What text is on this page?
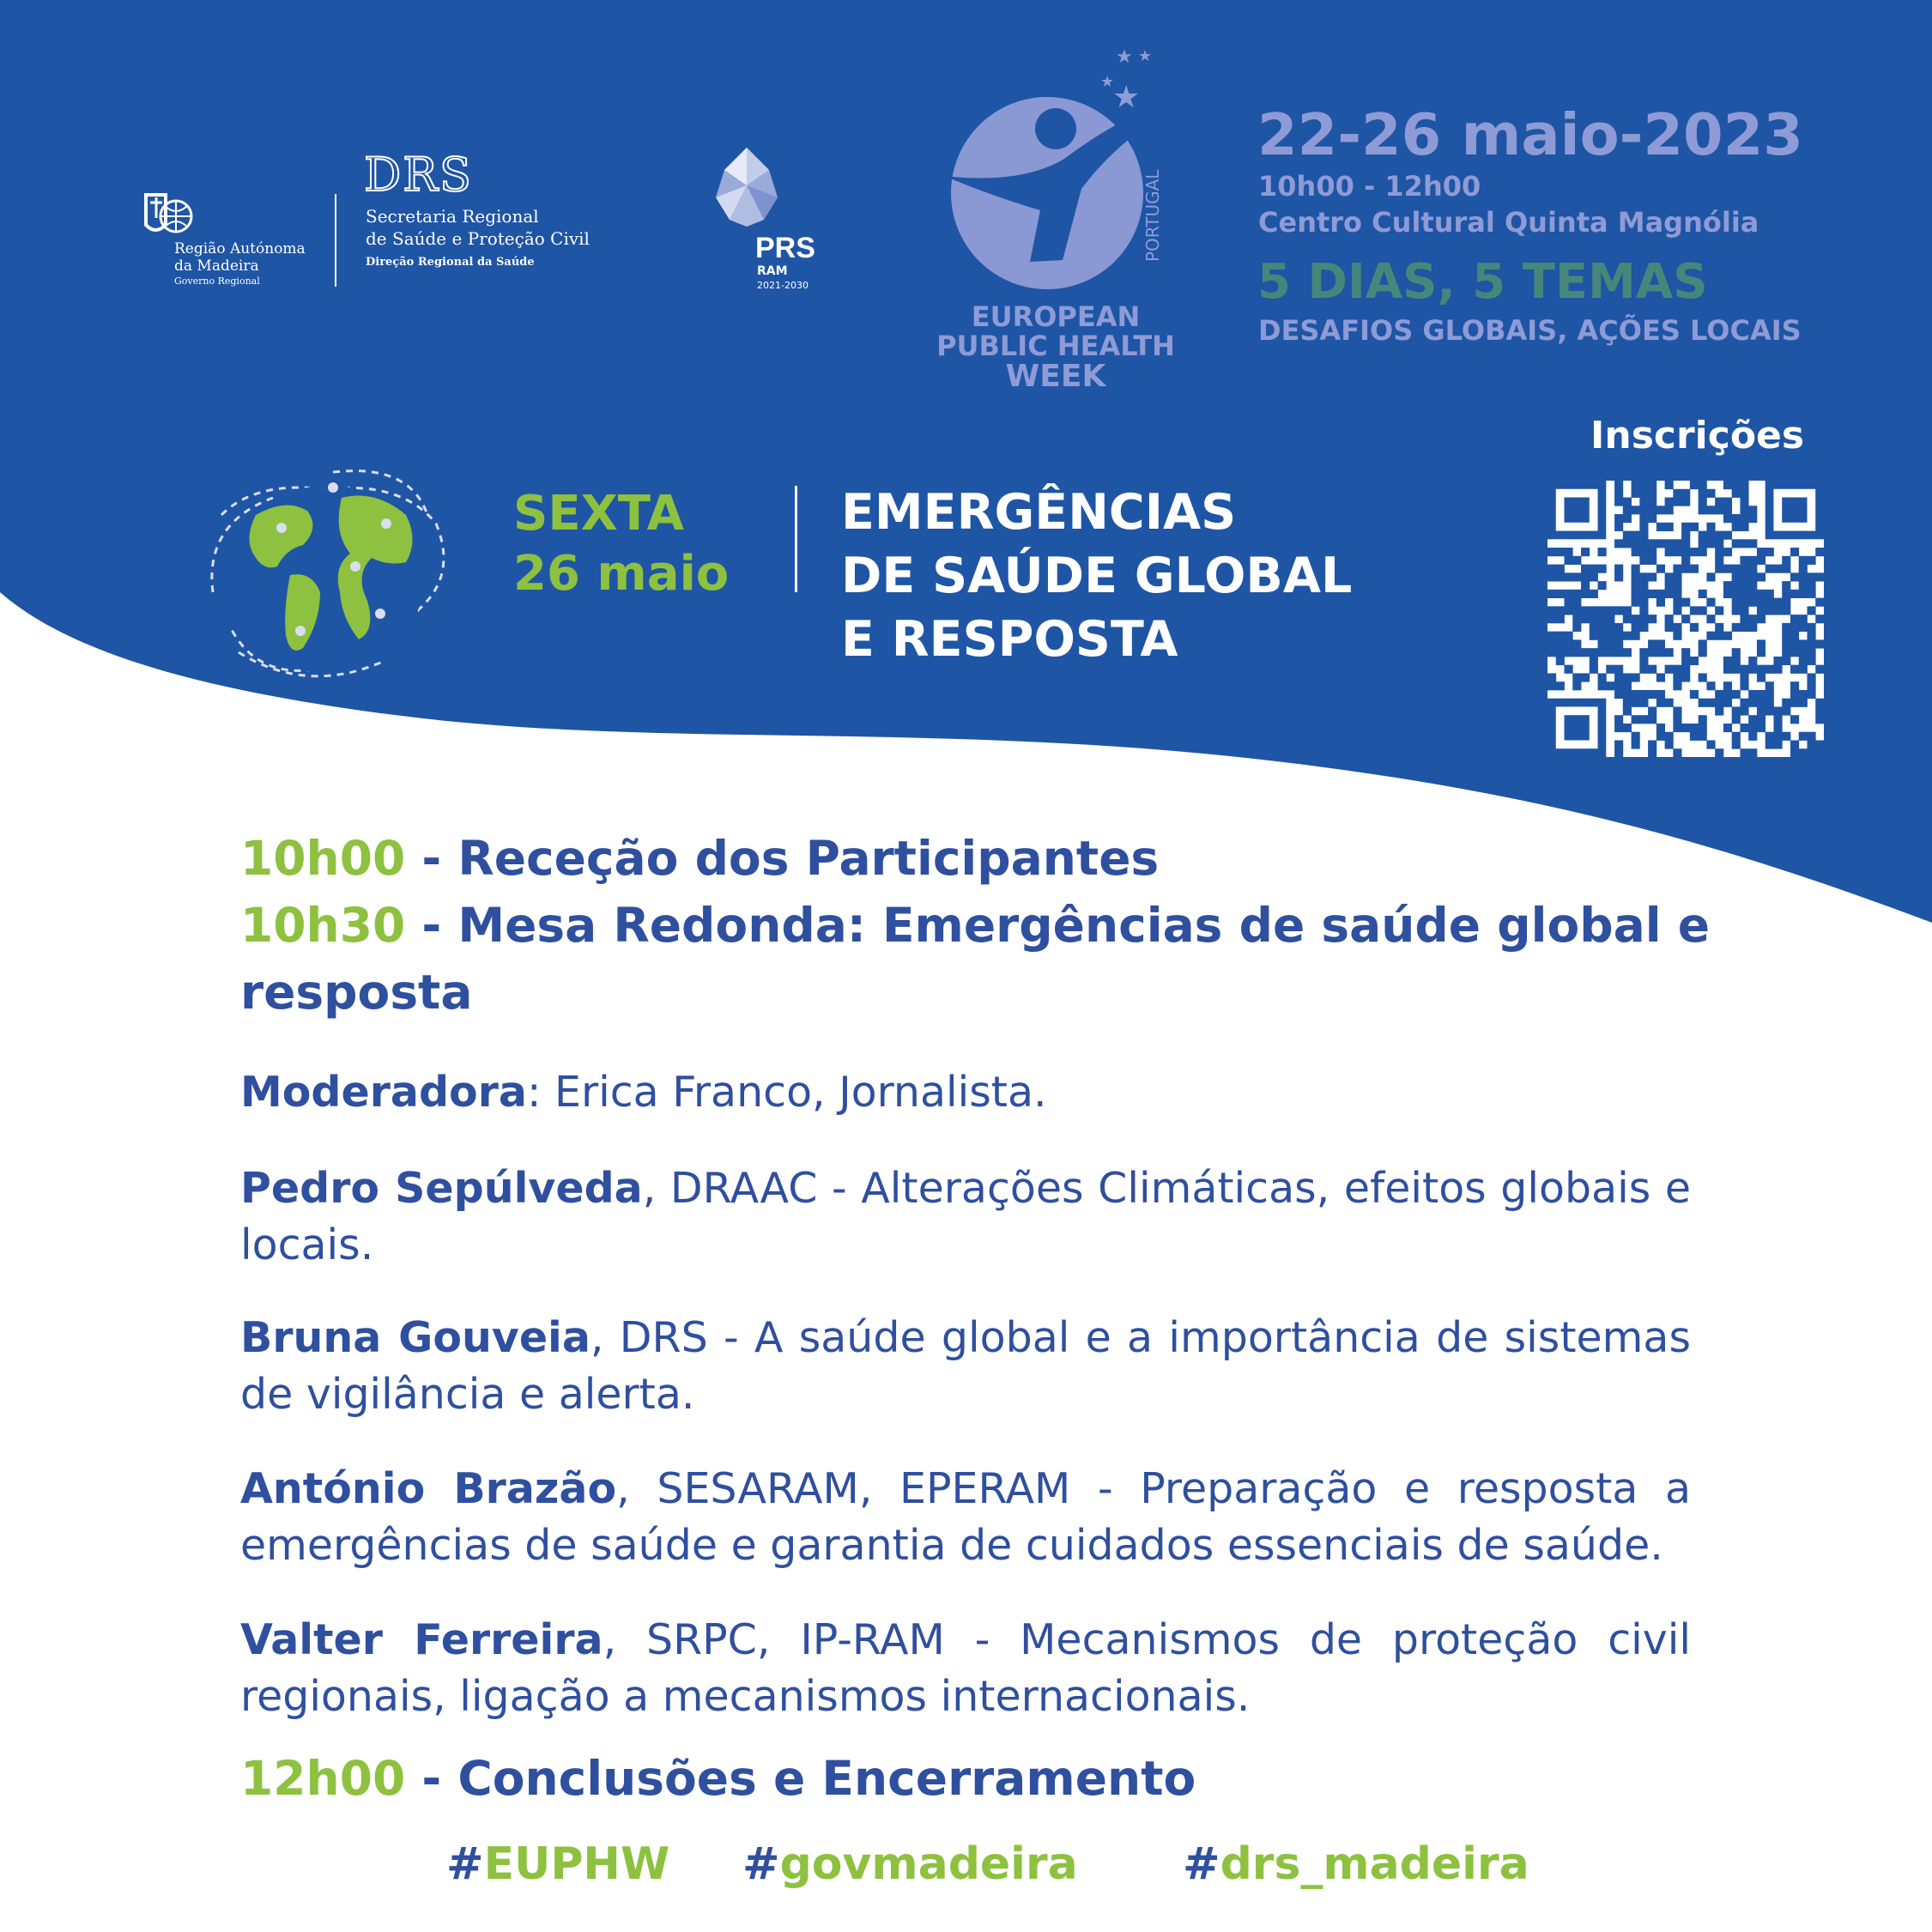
Região Autónoma
da Madeira
Governo Regional
DRS
Secretaria Regional
de Saúde e Proteção Civil
Direção Regional da Saúde	PRS
RAM
2021-2030
★ ★
★
★
PORTUGAL
EUROPEAN
PUBLIC HEALTH
WEEK
22-26 maio-2023
10h00 - 12h00
Centro Cultural Quinta Magnólia
5 DIAS, 5 TEMAS
DESAFIOS GLOBAIS, AÇÕES LOCAIS
Inscrições
SEXTA
26 maio
EMERGÊNCIAS
DE SAÚDE GLOBAL
E RESPOSTA
10h00 - Receção dos Participantes
10h30 - Mesa Redonda: Emergências de saúde global e
resposta
Moderadora: Erica Franco, Jornalista.
Pedro Sepúlveda, DRAAC - Alterações Climáticas, efeitos globais e locais.
Bruna Gouveia, DRS - A saúde global e a importância de sistemas de vigilância e alerta.
António Brazão, SESARAM, EPERAM - Preparação e resposta a emergências de saúde e garantia de cuidados essenciais de saúde.
Valter Ferreira, SRPC, IP-RAM - Mecanismos de proteção civil regionais, ligação a mecanismos internacionais.
12h00 - Conclusões e Encerramento
#EUPHW #govmadeira #drs_madeira
